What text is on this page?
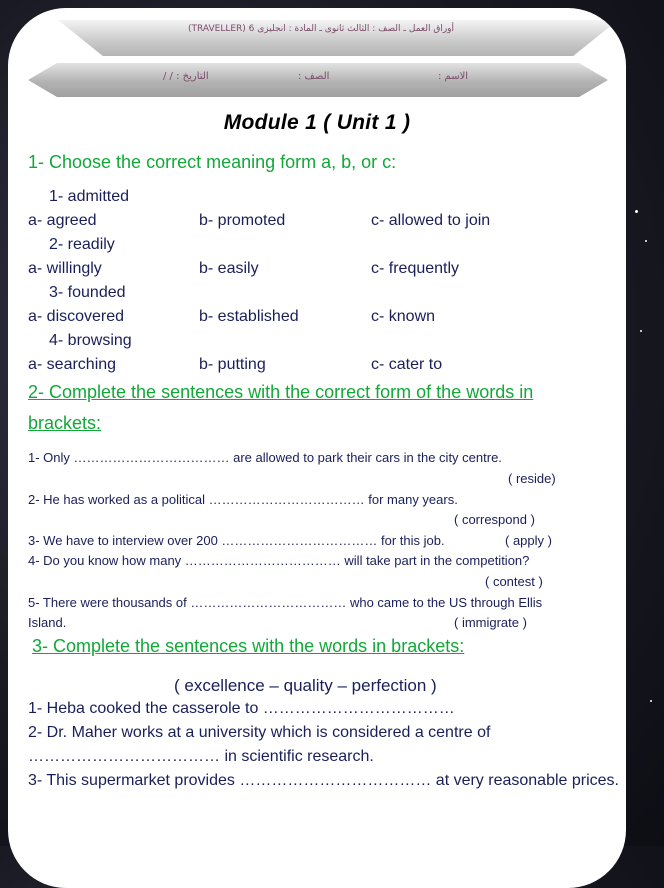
أوراق العمل ـ الصف : الثالث ثانوى ـ المادة : انجليزى 6 (TRAVELLER)
الاسم :
الصف :
التاريخ : / /
Module 1 ( Unit 1 )
1- Choose the correct meaning form a, b, or c:
1- admitted
a- agreed	b- promoted	c- allowed to join
2- readily
a- willingly	b- easily	c- frequently
3- founded
a- discovered	b- established	c- known
4- browsing
a- searching	b- putting	c- cater to
2- Complete the sentences with the correct form of the words in
brackets:
1- Only ……………………………… are allowed to park their cars in the city centre.
( reside)
2- He has worked as a political ……………………………… for many years.
( correspond )
3- We have to interview over 200 ……………………………… for this job.	( apply )
4- Do you know how many ……………………………… will take part in the competition?
( contest )
5- There were thousands of ……………………………… who came to the US through Ellis
Island.	( immigrate )
3- Complete the sentences with the words in brackets:
( excellence – quality – perfection )
1- Heba cooked the casserole to ………………………………
2- Dr. Maher works at a university which is considered a centre of
……………………………… in scientific research.
3- This supermarket provides ……………………………… at very reasonable prices.
